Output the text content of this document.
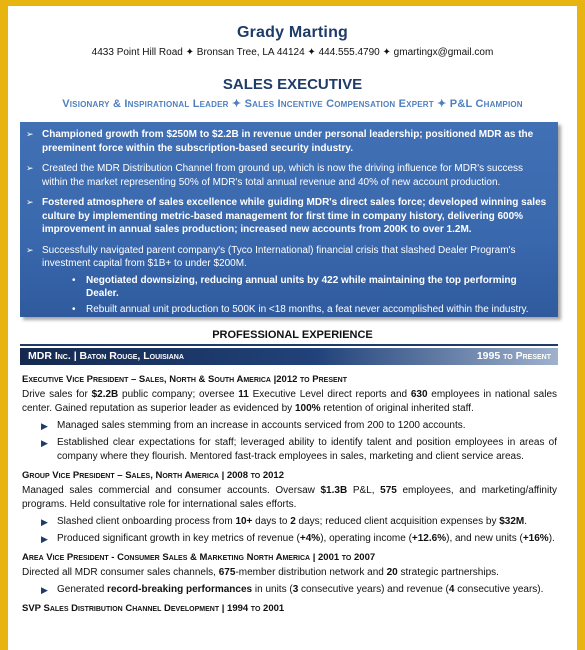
Grady Marting
4433 Point Hill Road ✦ Bronsan Tree, LA 44124 ✦ 444.555.4790 ✦ gmartingx@gmail.com
SALES EXECUTIVE
Visionary & Inspirational Leader ✦ Sales Incentive Compensation Expert ✦ P&L Champion
➢ Championed growth from $250M to $2.2B in revenue under personal leadership; positioned MDR as the preeminent force within the subscription-based security industry.
➢ Created the MDR Distribution Channel from ground up, which is now the driving influence for MDR's success within the market representing 50% of MDR's total annual revenue and 40% of new account production.
➢ Fostered atmosphere of sales excellence while guiding MDR's direct sales force; developed winning sales culture by implementing metric-based management for first time in company history, delivering 600% improvement in annual sales production; increased new accounts from 200K to over 1.2M.
➢ Successfully navigated parent company's (Tyco International) financial crisis that slashed Dealer Program's investment capital from $1B+ to under $200M.
•	Negotiated downsizing, reducing annual units by 422 while maintaining the top performing Dealer.
•	Rebuilt annual unit production to 500K in <18 months, a feat never accomplished within the industry.
PROFESSIONAL EXPERIENCE
MDR Inc. | Baton Rouge, Louisiana	1995 to Present
Executive Vice President – Sales, North & South America |2012 to Present
Drive sales for $2.2B public company; oversee 11 Executive Level direct reports and 630 employees in national sales center. Gained reputation as superior leader as evidenced by 100% retention of original inherited staff.
▶ Managed sales stemming from an increase in accounts serviced from 200 to 1200 accounts.
▶ Established clear expectations for staff; leveraged ability to identify talent and position employees in areas of company where they flourish. Mentored fast-track employees in sales, marketing and client service areas.
Group Vice President – Sales, North America | 2008 to 2012
Managed sales commercial and consumer accounts. Oversaw $1.3B P&L, 575 employees, and marketing/affinity programs. Held consultative role for international sales efforts.
▶ Slashed client onboarding process from 10+ days to 2 days; reduced client acquisition expenses by $32M.
▶ Produced significant growth in key metrics of revenue (+4%), operating income (+12.6%), and new units (+16%).
Area Vice President - Consumer Sales & Marketing North America | 2001 to 2007
Directed all MDR consumer sales channels, 675-member distribution network and 20 strategic partnerships.
▶ Generated record-breaking performances in units (3 consecutive years) and revenue (4 consecutive years).
SVP Sales Distribution Channel Development | 1994 to 2001
